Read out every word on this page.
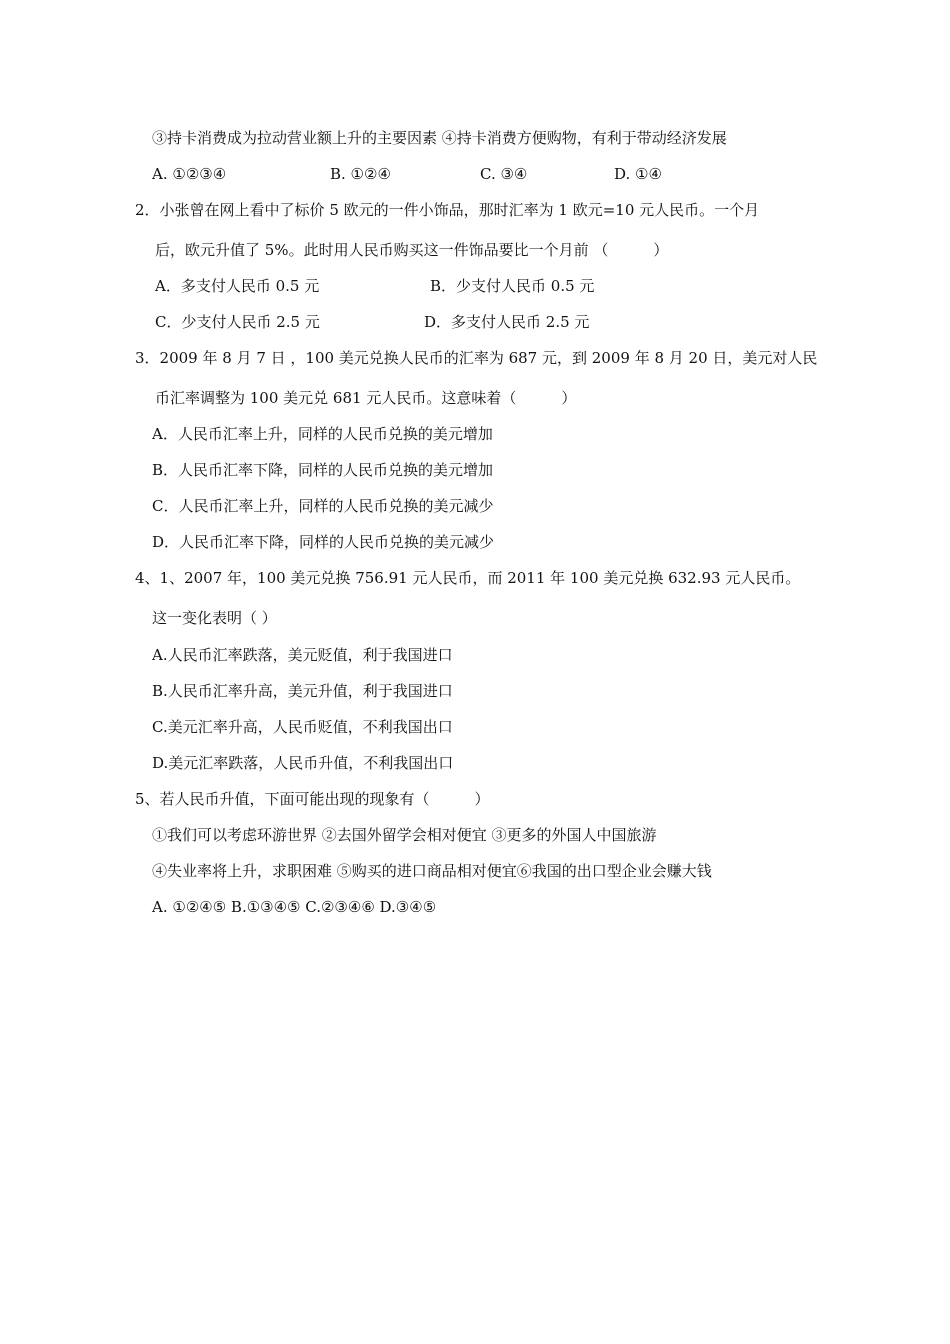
③持卡消费成为拉动营业额上升的主要因素 ④持卡消费方便购物，有利于带动经济发展
A. ①②③④	B. ①②④	C. ③④	D. ①④
2．小张曾在网上看中了标价 5 欧元的一件小饰品，那时汇率为 1 欧元=10 元人民币。一个月
后，欧元升值了 5%。此时用人民币购买这一件饰品要比一个月前 （　　　）
A．多支付人民币 0.5 元	B．少支付人民币 0.5 元
C．少支付人民币 2.5 元	D．多支付人民币 2.5 元
3．2009 年 8 月 7 日 ，100 美元兑换人民币的汇率为 687 元，到 2009 年 8 月 20 日，美元对人民
币汇率调整为 100 美元兑 681 元人民币。这意味着（　　　）
A．人民币汇率上升，同样的人民币兑换的美元增加
B．人民币汇率下降，同样的人民币兑换的美元增加
C．人民币汇率上升，同样的人民币兑换的美元减少
D．人民币汇率下降，同样的人民币兑换的美元减少
4、1、2007 年，100 美元兑换 756.91 元人民币，而 2011 年 100 美元兑换 632.93 元人民币。
这一变化表明（ ）
A.人民币汇率跌落，美元贬值，利于我国进口
B.人民币汇率升高，美元升值，利于我国进口
C.美元汇率升高，人民币贬值，不利我国出口
D.美元汇率跌落，人民币升值，不利我国出口
5、若人民币升值，下面可能出现的现象有（　　　）
①我们可以考虑环游世界 ②去国外留学会相对便宜 ③更多的外国人中国旅游
④失业率将上升，求职困难 ⑤购买的进口商品相对便宜⑥我国的出口型企业会赚大钱
A. ①②④⑤ B.①③④⑤ C.②③④⑥ D.③④⑤
